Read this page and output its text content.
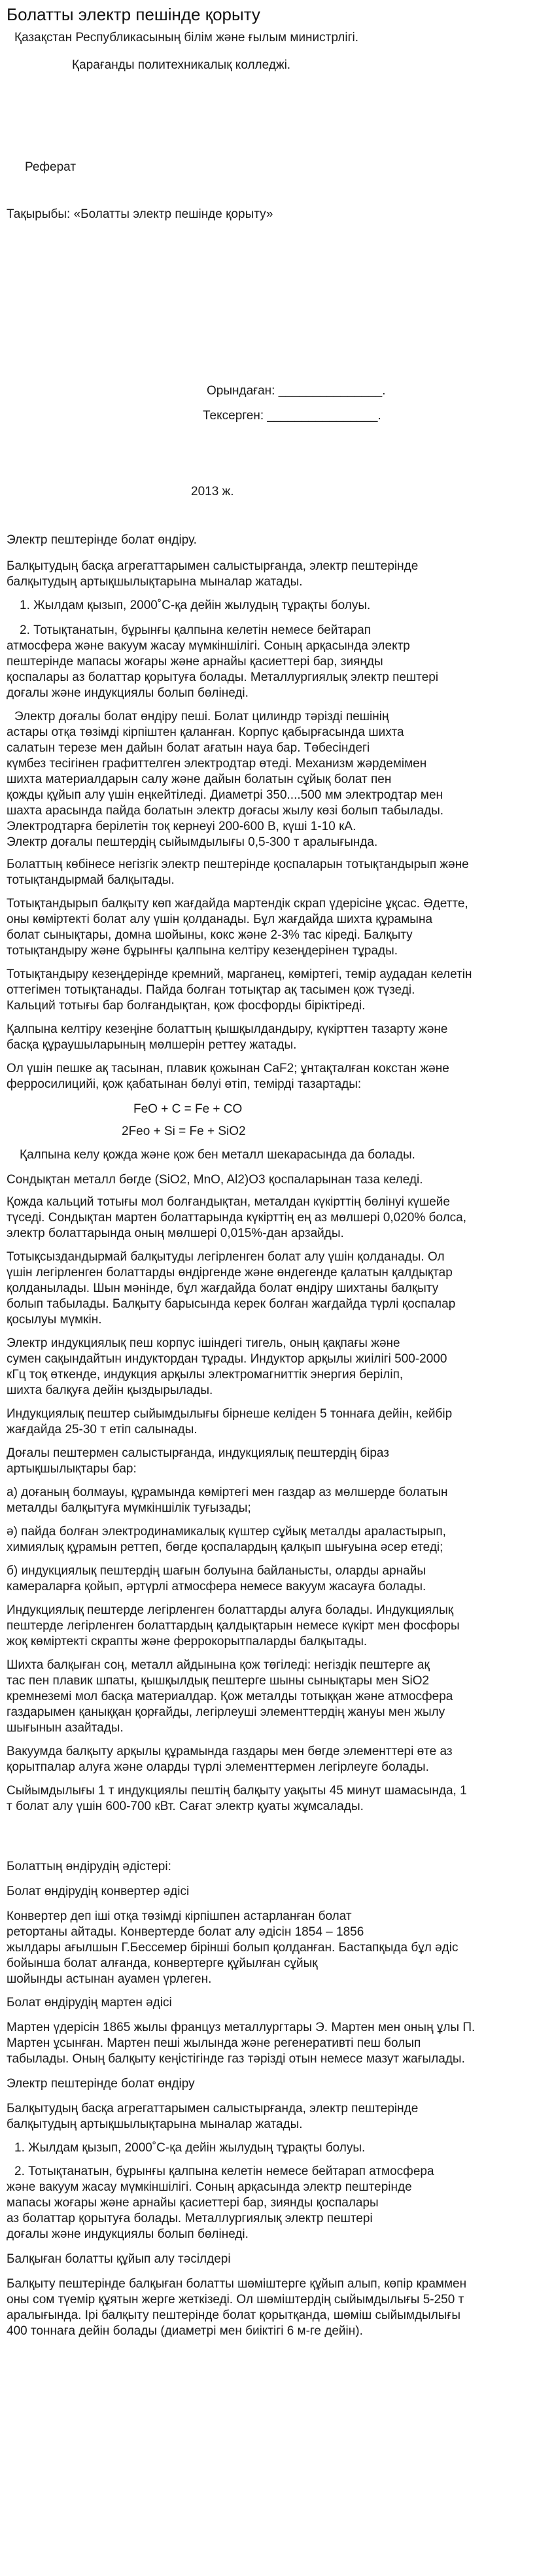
Болатты электр пешінде қорыту
Қазақстан Республикасының білім және ғылым министрлігі.
Қарағанды политехникалық колледжі.
Реферат
Тақырыбы: «Болатты электр пешінде қорыту»
Орындаған: _______________.
Тексерген: ________________.
2013 ж.
Электр пештерінде болат өндіру.
Балқытудың басқа агрегаттарымен салыстырғанда, электр пештерінде
балқытудың артықшылықтарына мыналар жатады.
1. Жылдам қызып, 2000˚С-қа дейін жылудың тұрақты болуы.
2. Тотықтанатын, бұрынғы қалпына келетін немесе бейтарап
атмосфера және вакуум жасау мүмкіншілігі. Соның арқасында электр
пештерінде мапасы жоғары және арнайы қасиеттері бар, зияңды
қоспалары аз болаттар қорытуға болады. Металлургиялық электр пештері
доғалы және индукциялы болып бөлінеді.
Электр доғалы болат өндіру пеші. Болат цилиндр тәрізді пешінің
астары отқа төзімді кірпіштен қаланған. Корпус қабырғасында шихта
салатын терезе мен дайын болат ағатын науа бар. Төбесіндегі
күмбез тесігінен графиттелген электродтар өтеді. Механизм жәрдемімен
шихта материалдарын салу және дайын болатын сұйық болат пен
қожды құйып алу үшін еңкейтіледі. Диаметрі 350....500 мм электродтар мен
шахта арасында пайда болатын электр доғасы жылу көзі болып табылады.
Электродтарға берілетін тоқ кернеуі 200-600 В, күші 1-10 кА.
Электр доғалы пештердің сыйымдылығы 0,5-300 т аралығында.
Болаттың көбінесе негізгік электр пештерінде қоспаларын тотықтандырып және
тотықтандырмай балқытады.
Тотықтандырып балқыту көп жағдайда мартендік скрап үдерісіне ұқсас. Әдетте,
оны көміртекті болат алу үшін қолданады. Бұл жағдайда шихта құрамына
болат сынықтары, домна шойыны, кокс және 2-3% тас кіреді. Балқыту
тотықтандыру және бұрынғы қалпына келтіру кезеңдерінен тұрады.
Тотықтандыру кезеңдерінде кремний, марганец, көміртегі, темір аудадан келетін
оттегімен тотықтанады. Пайда болған тотықтар ақ тасымен қож түзеді.
Кальций тотығы бар болғандықтан, қож фосфорды біріктіреді.
Қалпына келтіру кезеңіне болаттың қышқылдандыру, күкірттен тазарту және
басқа құраушыларының мөлшерін реттеу жатады.
Ол үшін пешке ақ тасынан, плавик қожынан CaF2; ұнтақталған кокстан және
ферросилицийі, қож қабатынан бөлуі өтіп, темірді тазартады:
FeO + C = Fe + CO
2Feo + Si = Fe + SiO2
Қалпына келу қожда және қож бен металл шекарасында да болады.
Сондықтан металл бөгде (SiO2, MnO, Al2)O3 қоспаларынан таза келеді.
Қожда кальций тотығы мол болғандықтан, металдан күкірттің бөлінуі күшейе
түседі. Сондықтан мартен болаттарында күкірттің ең аз мөлшері 0,020% болса,
электр болаттарында оның мөлшері 0,015%-дан арзайды.
Тотықсыздандырмай балқытуды легірленген болат алу үшін қолданады. Ол
үшін легірленген болаттарды өндіргенде және өндегенде қалатын қалдықтар
қолданылады. Шын мәнінде, бұл жағдайда болат өндіру шихтаны балқыту
болып табылады. Балқыту барысында керек болған жағдайда түрлі қоспалар
қосылуы мүмкін.
Электр индукциялық пеш корпус ішіндегі тигель, оның қақпағы және
сумен сақындайтын индуктордан тұрады. Индуктор арқылы жиілігі 500-2000
кГц тоқ өткенде, индукция арқылы электромагниттік энергия беріліп,
шихта балқуға дейін қыздырылады.
Индукциялық пештер сыйымдылығы бірнеше келіден 5 тоннаға дейін, кейбір
жағдайда 25-30 т етіп салынады.
Доғалы пештермен салыстырғанда, индукциялық пештердің біраз
артықшылықтары бар:
а) доғаның болмауы, құрамында көміртегі мен газдар аз мөлшерде болатын
металды балқытуға мүмкіншілік туғызады;
ә) пайда болған электродинамикалық күштер сұйық металды араластырып,
химиялық құрамын реттеп, бөгде қоспалардың қалқып шығуына әсер етеді;
б) индукциялық пештердің шағын болуына байланысты, оларды арнайы
камераларға қойып, әртүрлі атмосфера немесе вакуум жасауға болады.
Индукциялық пештерде легірленген болаттарды алуға болады. Индукциялық
пештерде легірленген болаттардың қалдықтарын немесе күкірт мен фосфоры
жоқ көміртекті скрапты және феррокорытпаларды балқытады.
Шихта балқыған соң, металл айдынына қож төгіледі: негіздік пештерге ақ
тас пен плавик шпаты, қышқылдық пештерге шыны сынықтары мен SiO2
кремнеземі мол басқа материалдар. Қож металды тотыққан және атмосфера
газдарымен қаныққан қорғайды, легірлеуші элементтердің жануы мен жылу
шығынын азайтады.
Вакуумда балқыту арқылы құрамында газдары мен бөгде элементтері өте аз
қорытпалар алуға және оларды түрлі элементтермен легірлеуге болады.
Сыйымдылығы 1 т индукциялы пештің балқыту уақыты 45 минут шамасында, 1
т болат алу үшін 600-700 кВт. Сағат электр қуаты жұмсалады.
Болаттың өндірудің әдістері:
Болат өндірудің конвертер әдісі
Конвертер деп іші отқа төзімді кірпішпен астарланған болат
ретортаны айтады. Конвертерде болат алу әдісін 1854 – 1856
жылдары ағылшын Г.Бессемер бірінші болып қолданған. Бастапқыда бұл әдіс
бойынша болат алғанда, конвертерге құйылған сұйық
шойынды астынан ауамен үрлеген.
Болат өндірудің мартен әдісі
Мартен үдерісін 1865 жылы француз металлургтары Э. Мартен мен оның ұлы П.
Мартен ұсынған. Мартен пеші жылында және регенеративті пеш болып
табылады. Оның балқыту кеңістігінде газ тәрізді отын немесе мазут жағылады.
Электр пештерінде болат өндіру
Балқытудың басқа агрегаттарымен салыстырғанда, электр пештерінде
балқытудың артықшылықтарына мыналар жатады.
1. Жылдам қызып, 2000˚С-қа дейін жылудың тұрақты болуы.
2. Тотықтанатын, бұрынғы қалпына келетін немесе бейтарап атмосфера
және вакуум жасау мүмкіншілігі. Соның арқасында электр пештерінде
мапасы жоғары және арнайы қасиеттері бар, зиянды қоспалары
аз болаттар қорытуға болады. Металлургиялық электр пештері
доғалы және индукциялы болып бөлінеді.
Балқыған болатты құйып алу тәсілдері
Балқыту пештерінде балқыған болатты шөмiштерге құйып алып, көпiр краммен
оны сом түемір құятын жерге жеткізеді. Ол шөмiштердiң сыйымдылығы 5-250 т
аралығында. Iрі балқыту пештерiнде болат қорытқанда, шөмiш сыйымдылығы
400 тоннаға дейiн болады (диаметрi мен биiктiгі 6 м-ге дейiн).
